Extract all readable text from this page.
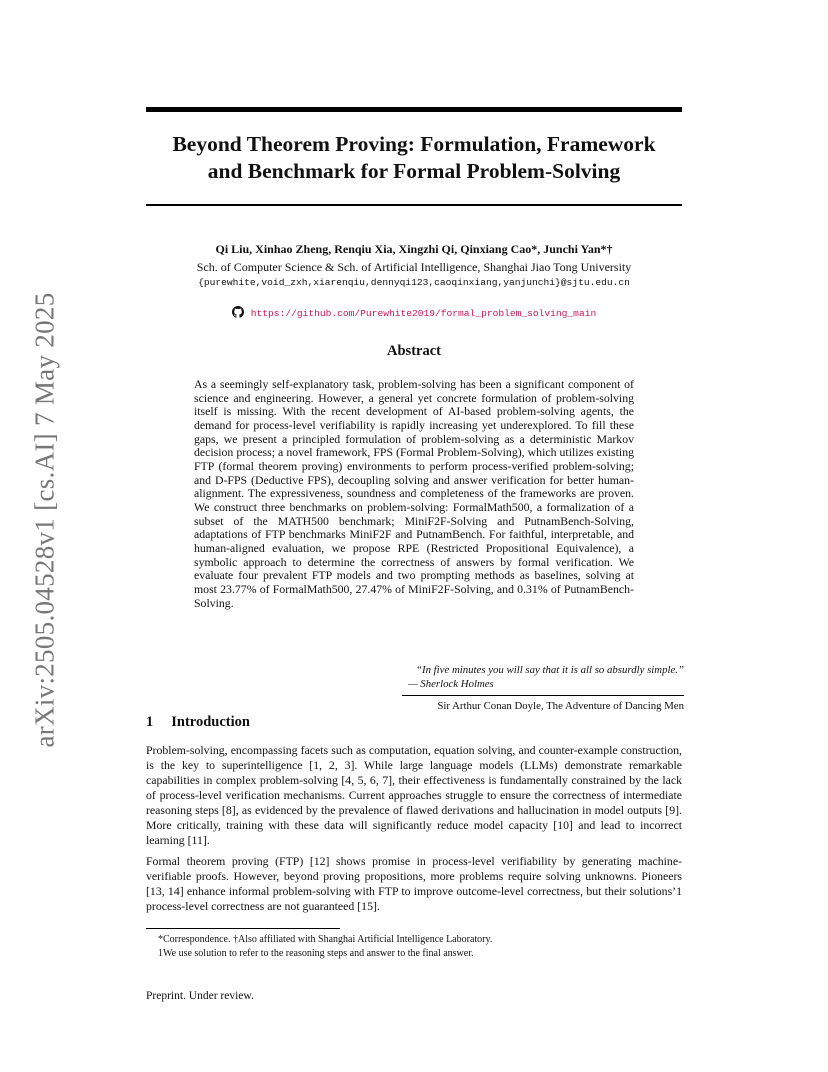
arXiv:2505.04528v1 [cs.AI] 7 May 2025
Beyond Theorem Proving: Formulation, Framework
and Benchmark for Formal Problem-Solving
Qi Liu, Xinhao Zheng, Renqiu Xia, Xingzhi Qi, Qinxiang Cao*, Junchi Yan*†
Sch. of Computer Science & Sch. of Artificial Intelligence, Shanghai Jiao Tong University
{purewhite,void_zxh,xiarenqiu,dennyqi123,caoqinxiang,yanjunchi}@sjtu.edu.cn
https://github.com/Purewhite2019/formal_problem_solving_main
Abstract

As a seemingly self-explanatory task, problem-solving has been a significant component of science and engineering. However, a general yet concrete formulation of problem-solving itself is missing. With the recent development of AI-based problem-solving agents, the demand for process-level verifiability is rapidly increasing yet underexplored. To fill these gaps, we present a principled formulation of problem-solving as a deterministic Markov decision process; a novel framework, FPS (Formal Problem-Solving), which utilizes existing FTP (formal theorem proving) environments to perform process-verified problem-solving; and D-FPS (Deductive FPS), decoupling solving and answer verification for better human-alignment. The expressiveness, soundness and completeness of the frameworks are proven. We construct three benchmarks on problem-solving: FormalMath500, a formalization of a subset of the MATH500 benchmark; MiniF2F-Solving and PutnamBench-Solving, adaptations of FTP benchmarks MiniF2F and PutnamBench. For faithful, interpretable, and human-aligned evaluation, we propose RPE (Restricted Propositional Equivalence), a symbolic approach to determine the correctness of answers by formal verification. We evaluate four prevalent FTP models and two prompting methods as baselines, solving at most 23.77% of FormalMath500, 27.47% of MiniF2F-Solving, and 0.31% of PutnamBench-Solving.

“In five minutes you will say that it is all so absurdly simple.”
— Sherlock Holmes
Sir Arthur Conan Doyle, The Adventure of Dancing Men
1 Introduction

Problem-solving, encompassing facets such as computation, equation solving, and counter-example construction, is the key to superintelligence [1, 2, 3]. While large language models (LLMs) demonstrate remarkable capabilities in complex problem-solving [4, 5, 6, 7], their effectiveness is fundamentally constrained by the lack of process-level verification mechanisms. Current approaches struggle to ensure the correctness of intermediate reasoning steps [8], as evidenced by the prevalence of flawed derivations and hallucination in model outputs [9]. More critically, training with these data will significantly reduce model capacity [10] and lead to incorrect learning [11].

Formal theorem proving (FTP) [12] shows promise in process-level verifiability by generating machine-verifiable proofs. However, beyond proving propositions, more problems require solving unknowns. Pioneers [13, 14] enhance informal problem-solving with FTP to improve outcome-level correctness, but their solutions’1 process-level correctness are not guaranteed [15].

*Correspondence. †Also affiliated with Shanghai Artificial Intelligence Laboratory.
1We use solution to refer to the reasoning steps and answer to the final answer.
Preprint. Under review.
